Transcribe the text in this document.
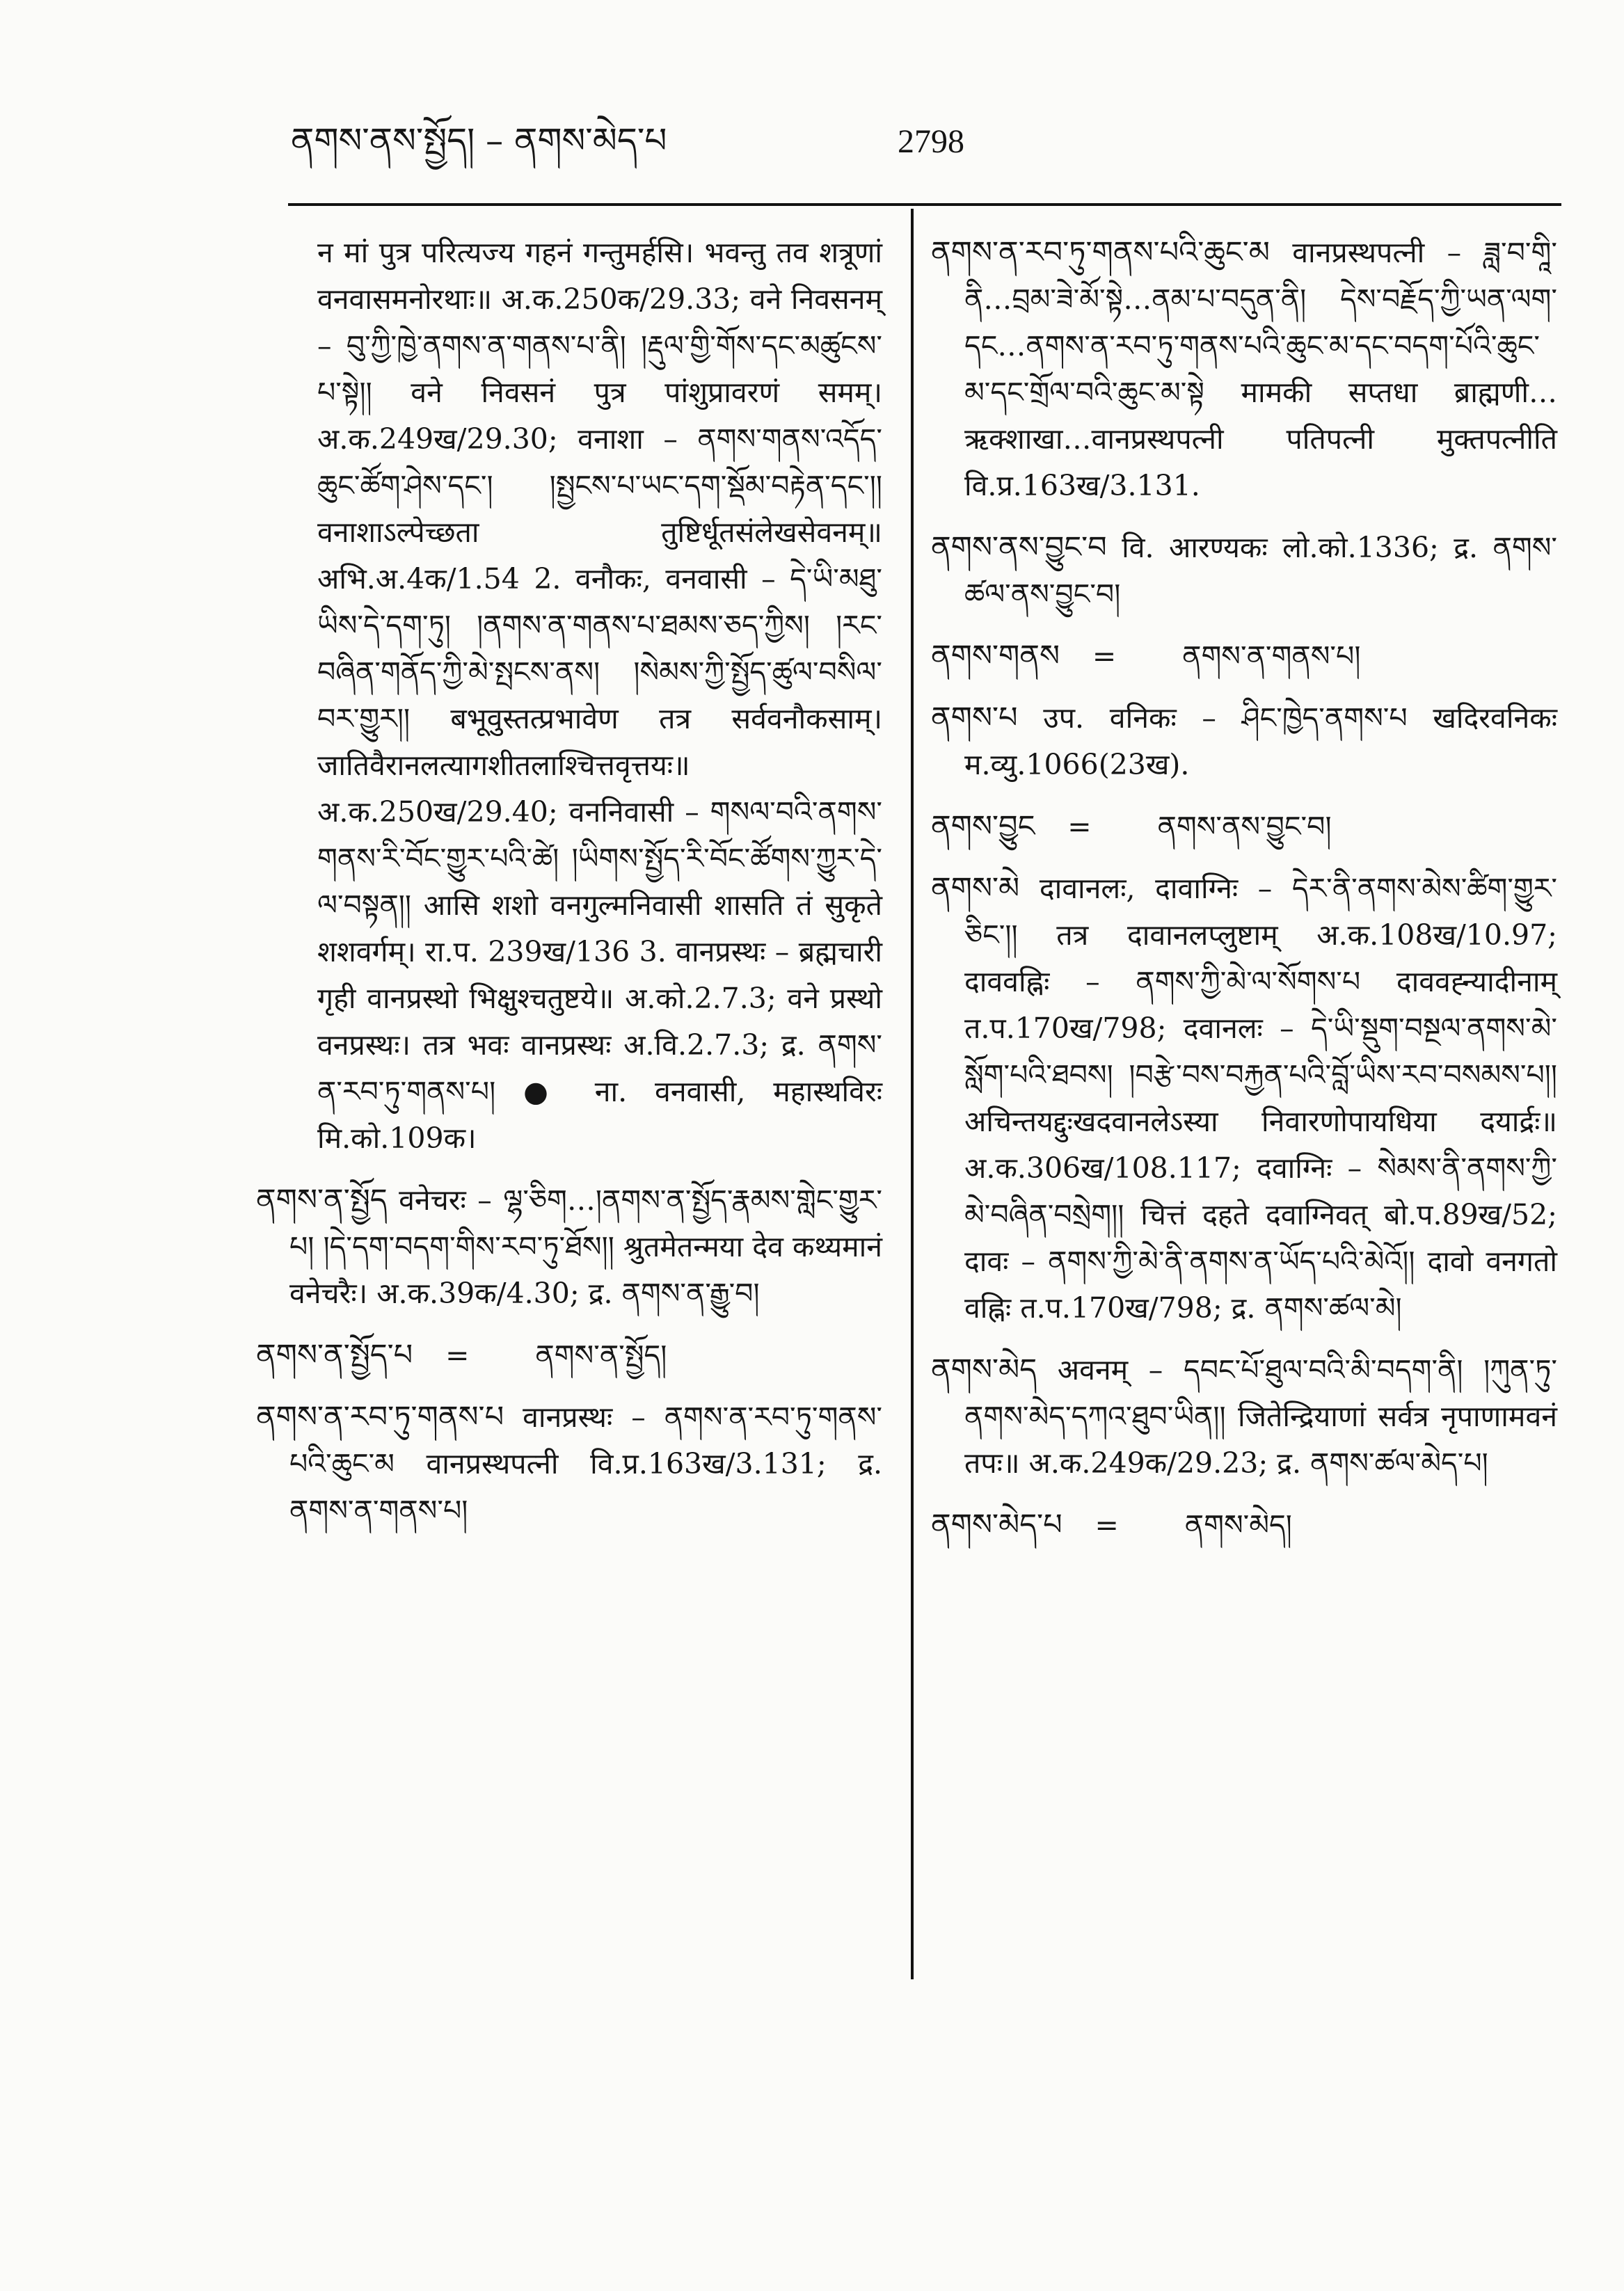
ནགས་ནས་སྤྱོད། – ནགས་མེད་པ	2798

न मां पुत्र परित्यज्य गहनं गन्तुमर्हसि। भवन्तु तव शत्रूणां वनवासमनोरथाः॥ अ.क.250क/29.33; वने निवसनम् – བུ་ཀྱི་ཁྱེ་ནགས་ན་གནས་པ་ནི། །རྡུལ་གྱི་གོས་དང་མཚུངས་པ་སྟེ།། वने निवसनं पुत्र पांशुप्रावरणं समम्। अ.क.249ख/29.30; वनाशा – ནགས་གནས་འདོད་ཆུང་ཚོག་ཤེས་དང་། །སྤྱངས་པ་ཡང་དག་སྡོམ་བརྟེན་དང་།། वनाशाऽल्पेच्छता तुष्टिर्धूतसंलेखसेवनम्॥ अभि.अ.4क/1.54 2. वनौकः, वनवासी – དེ་ཡི་མཐུ་ཡིས་དེ་དག་ཏུ། །ནགས་ན་གནས་པ་ཐམས་ཅད་ཀྱིས། །རང་བཞིན་གནོད་ཀྱི་མེ་སྤངས་ནས། །སེམས་ཀྱི་སྤྱོད་ཚུལ་བསིལ་བར་གྱུར།། बभूवुस्तत्प्रभावेण तत्र सर्ववनौकसाम्। जातिवैरानलत्यागशीतलाश्चित्तवृत्तयः॥ अ.क.250ख/29.40; वननिवासी – གསལ་བའི་ནགས་གནས་རི་བོང་གྱུར་པའི་ཚེ། །ཡིགས་སྤྱོད་རི་བོང་ཚོགས་ཀྱུར་དེ་ལ་བསྟན།། आसि शशो वनगुल्मनिवासी शासति तं सुकृते शशवर्गम्। रा.प. 239ख/136 3. वानप्रस्थः – ब्रह्मचारी गृही वानप्रस्थो भिक्षुश्चतुष्टये॥ अ.को.2.7.3; वने प्रस्थो वनप्रस्थः। तत्र भवः वानप्रस्थः अ.वि.2.7.3; द्र. ནགས་ན་རབ་ཏུ་གནས་པ། ● ना. वनवासी, महास्थविरः मि.को.109क।

ནགས་ན་སྤྱོད वनेचरः – ལྷ་ཅིག…།ནགས་ན་སྤྱོད་རྣམས་གླེང་གྱུར་པ། །དེ་དག་བདག་གིས་རབ་ཏུ་ཐོས།། श्रुतमेतन्मया देव कथ्यमानं वनेचरैः। अ.क.39क/4.30; द्र. ནགས་ན་རྒྱུ་བ།

ནགས་ན་སྤྱོད་པ = ནགས་ན་སྤྱོད།

ནགས་ན་རབ་ཏུ་གནས་པ वानप्रस्थः – ནགས་ན་རབ་ཏུ་གནས་པའི་ཆུང་མ वानप्रस्थपत्नी वि.प्र.163ख/3.131; द्र. ནགས་ན་གནས་པ།

ནགས་ན་རབ་ཏུ་གནས་པའི་ཆུང་མ वानप्रस्थपत्नी – ཟླ་བ་གཱི་ནི…བྲམ་ཟེ་མོ་སྟེ…ནམ་པ་བདུན་ནི། དེས་བརྗོད་ཀྱི་ཡན་ལག་དང…ནགས་ན་རབ་ཏུ་གནས་པའི་ཆུང་མ་དང་བདག་པོའི་ཆུང་མ་དང་གྲོལ་བའི་ཆུང་མ་སྟེ मामकी सप्तधा ब्राह्मणी…ऋक्शाखा…वानप्रस्थपत्नी पतिपत्नी मुक्तपत्नीति वि.प्र.163ख/3.131.

ནགས་ནས་བྱུང་བ वि. आरण्यकः लो.को.1336; द्र. ནགས་ཚལ་ནས་བྱུང་བ།

ནགས་གནས = ནགས་ན་གནས་པ།

ནགས་པ उप. वनिकः – ཤིང་ཁྱེད་ནགས་པ खदिरवनिकः म.व्यु.1066(23ख).

ནགས་བྱུང = ནགས་ནས་བྱུང་བ།

ནགས་མེ दावानलः, दावाग्निः – དེར་ནི་ནགས་མེས་ཚིག་གྱུར་ཅིང་།། तत्र दावानलप्लुष्टाम् अ.क.108ख/10.97; दाववह्निः – ནགས་ཀྱི་མེ་ལ་སོགས་པ दाववह्न्यादीनाम् त.प.170ख/798; दवानलः – དེ་ཡི་སྡུག་བསྔལ་ནགས་མེ་སློག་པའི་ཐབས། །བརྩེ་བས་བརྐྱན་པའི་བློ་ཡིས་རབ་བསམས་པ།། अचिन्तयद्दुःखदवानलेऽस्या निवारणोपायधिया दयार्द्रः॥ अ.क.306ख/108.117; दवाग्निः – སེམས་ནི་ནགས་ཀྱི་མེ་བཞིན་བསྲེག།། चित्तं दहते दवाग्निवत् बो.प.89ख/52; दावः – ནགས་ཀྱི་མེ་ནི་ནགས་ན་ཡོད་པའི་མེའོ།། दावो वनगतो वह्निः त.प.170ख/798; द्र. ནགས་ཚལ་མེ།

ནགས་མེད अवनम् – དབང་པོ་ཐུལ་བའི་མི་བདག་ནི། །ཀུན་ཏུ་ནགས་མེད་དཀའ་ཐུབ་ཡིན།། जितेन्द्रियाणां सर्वत्र नृपाणामवनं तपः॥ अ.क.249क/29.23; द्र. ནགས་ཚལ་མེད་པ།

ནགས་མེད་པ = ནགས་མེད།
